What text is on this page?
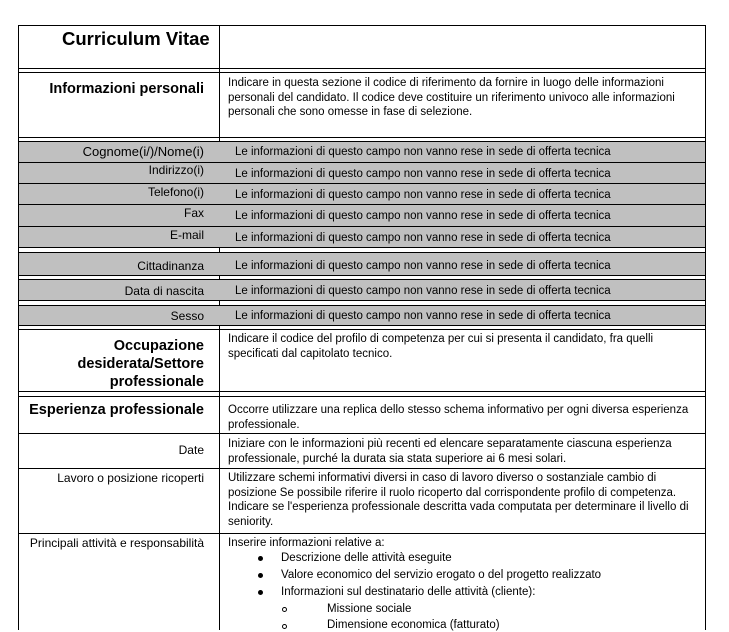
Curriculum Vitae
Informazioni personali Indicare in questa sezione il codice di riferimento da fornire in luogo delle informazioni personali del candidato. Il codice deve costituire un riferimento univoco alle informazioni personali che sono omesse in fase di selezione.
Cognome(i/)/Nome(i)
Indirizzo(i)
Telefono(i)
Fax
E-mail
Cittadinanza
Data di nascita
Sesso
Le informazioni di questo campo non vanno rese in sede di offerta tecnica
Le informazioni di questo campo non vanno rese in sede di offerta tecnica
Le informazioni di questo campo non vanno rese in sede di offerta tecnica
Le informazioni di questo campo non vanno rese in sede di offerta tecnica
Le informazioni di questo campo non vanno rese in sede di offerta tecnica
Le informazioni di questo campo non vanno rese in sede di offerta tecnica
Le informazioni di questo campo non vanno rese in sede di offerta tecnica
Le informazioni di questo campo non vanno rese in sede di offerta tecnica
Occupazione
desiderata/Settore
professionale
Indicare il codice del profilo di competenza per cui si presenta il candidato, fra quelli specificati dal capitolato tecnico.
Esperienza professionale Occorre utilizzare una replica dello stesso schema informativo per ogni diversa esperienza professionale.
Date Iniziare con le informazioni più recenti ed elencare separatamente ciascuna esperienza professionale, purché la durata sia stata superiore ai 6 mesi solari.
Lavoro o posizione ricoperti Utilizzare schemi informativi diversi in caso di lavoro diverso o sostanziale cambio di posizione Se possibile riferire il ruolo ricoperto dal corrispondente profilo di competenza. Indicare se l'esperienza professionale descritta vada computata per determinare il livello di seniority.
Principali attività e responsabilità Inserire informazioni relative a:
Descrizione delle attività eseguite
Valore economico del servizio erogato o del progetto realizzato
Informazioni sul destinatario delle attività (cliente):
Missione sociale
Dimensione economica (fatturato)
